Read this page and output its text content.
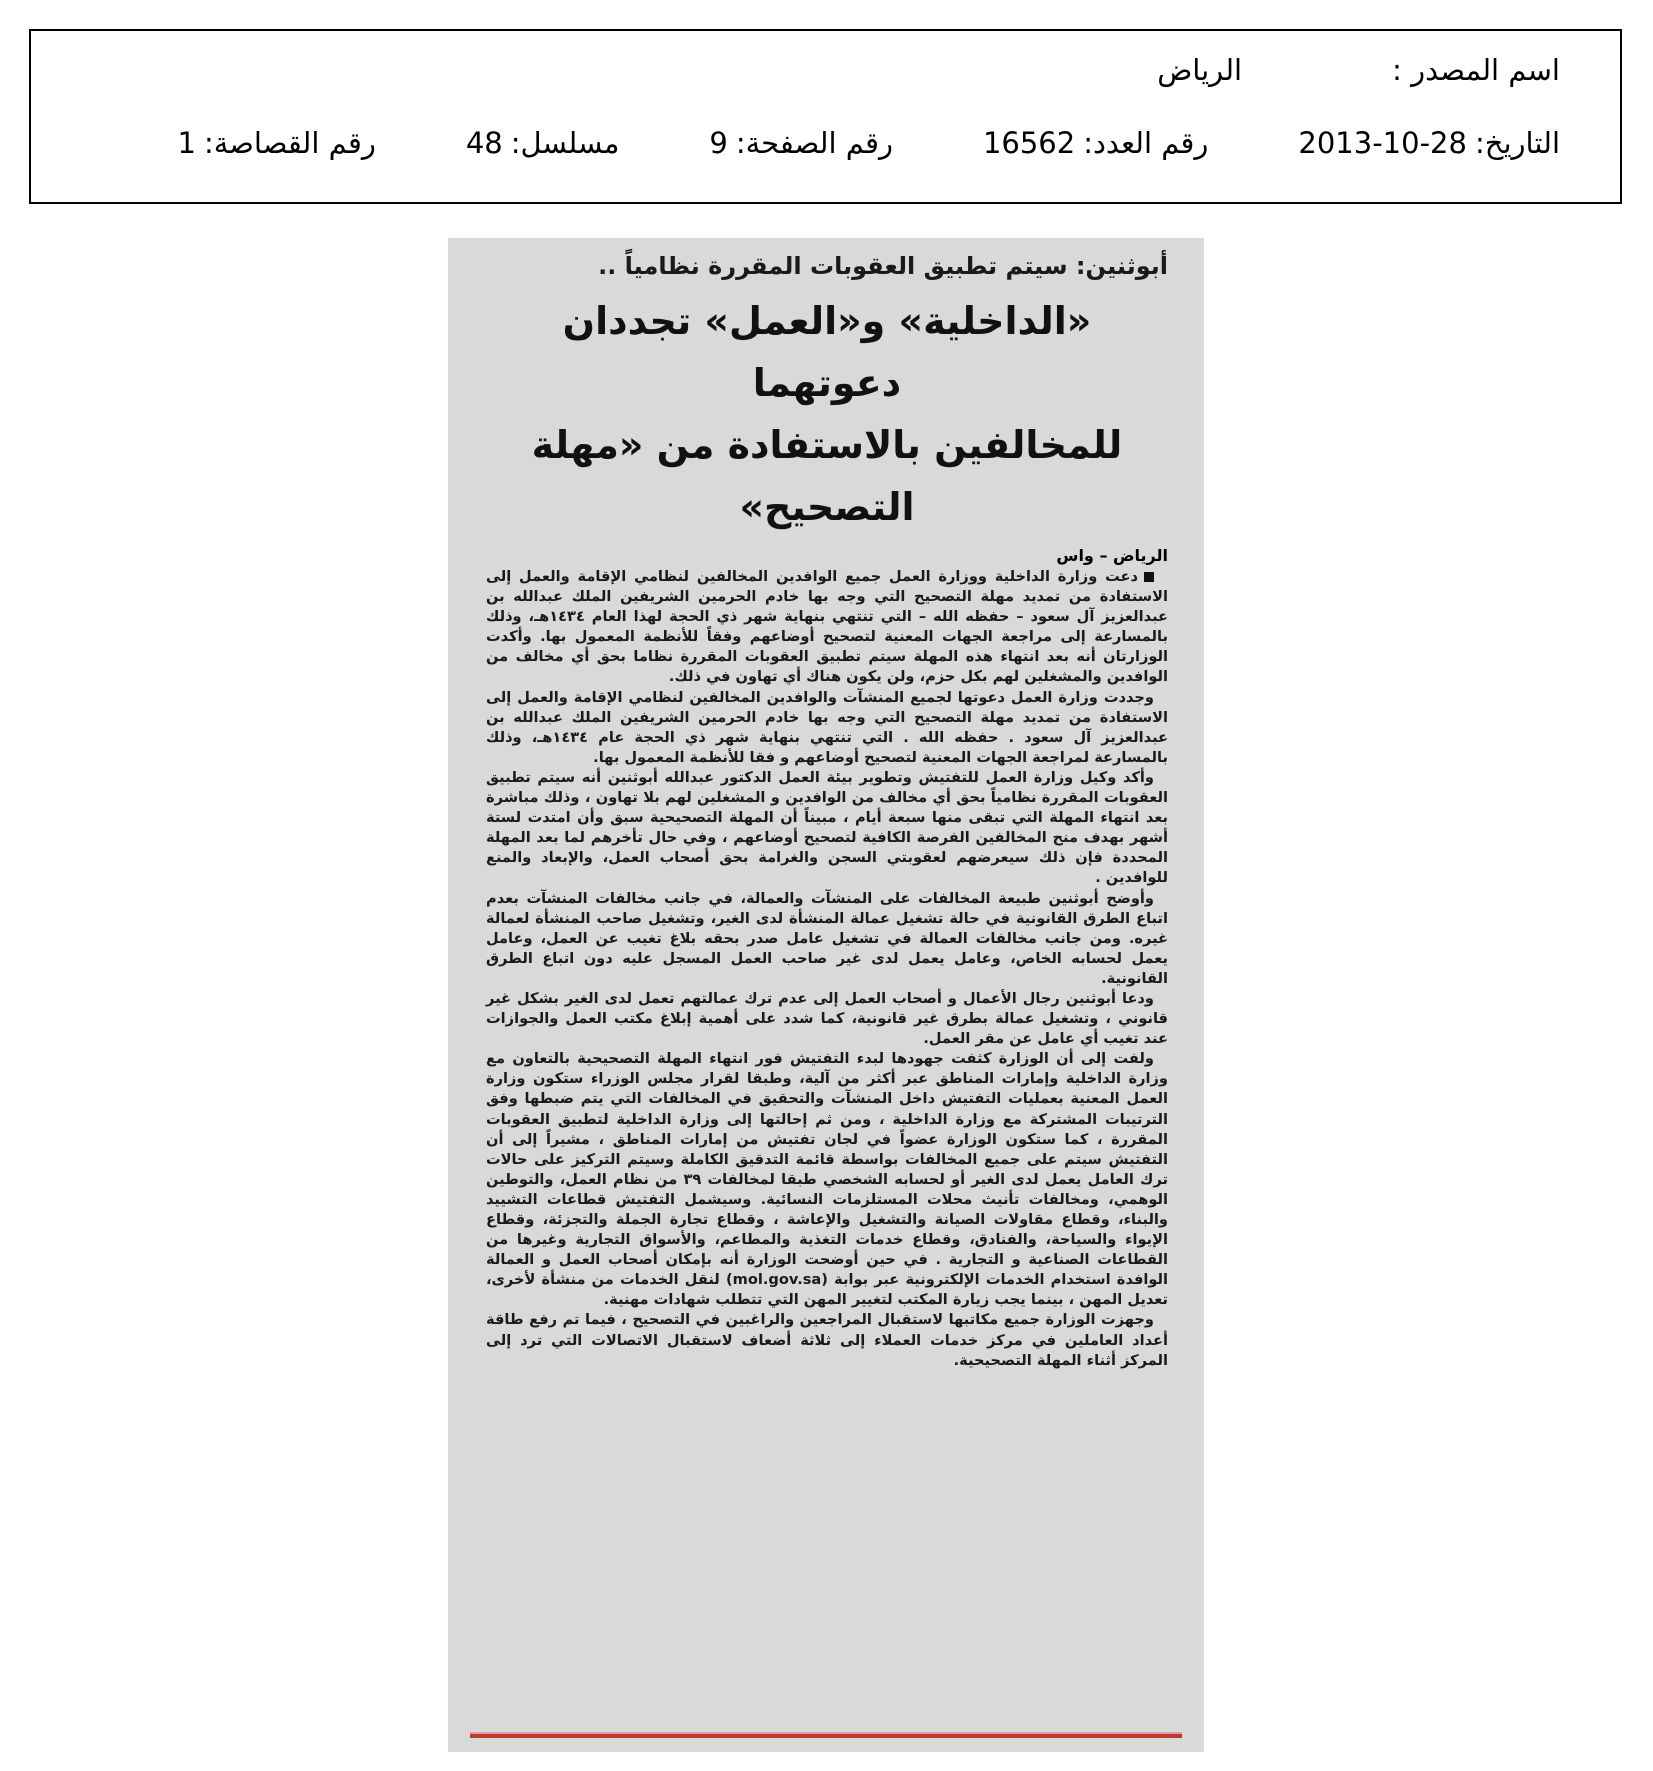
اسم المصدر :
الرياض
التاريخ:
2013-10-28
رقم العدد:
16562
رقم الصفحة:
9
مسلسل:
48
رقم القصاصة:
1
أبوثنين: سيتم تطبيق العقوبات المقررة نظامياً ..
«الداخلية» و«العمل» تجددان دعوتهما
للمخالفين بالاستفادة من «مهلة التصحيح»
الرياض – واس

دعت وزارة الداخلية ووزارة العمل جميع الوافدين المخالفين لنظامي الإقامة والعمل إلى الاستفادة من تمديد مهلة التصحيح التي وجه بها خادم الحرمين الشريفين الملك عبدالله بن عبدالعزيز آل سعود – حفظه الله – التي تنتهي بنهاية شهر ذي الحجة لهذا العام ١٤٣٤هـ، وذلك بالمسارعة إلى مراجعة الجهات المعنية لتصحيح أوضاعهم وفقاً للأنظمة المعمول بها. وأكدت الوزارتان أنه بعد انتهاء هذه المهلة سيتم تطبيق العقوبات المقررة نظاما بحق أي مخالف من الوافدين والمشغلين لهم بكل حزم، ولن يكون هناك أي تهاون في ذلك.

وجددت وزارة العمل دعوتها لجميع المنشآت والوافدين المخالفين لنظامي الإقامة والعمل إلى الاستفادة من تمديد مهلة التصحيح التي وجه بها خادم الحرمين الشريفين الملك عبدالله بن عبدالعزيز آل سعود . حفظه الله . التي تنتهي بنهاية شهر ذي الحجة عام ١٤٣٤هـ، وذلك بالمسارعة لمراجعة الجهات المعنية لتصحيح أوضاعهم و فقا للأنظمة المعمول بها.

وأكد وكيل وزارة العمل للتفتيش وتطوير بيئة العمل الدكتور عبدالله أبوثنين أنه سيتم تطبيق العقوبات المقررة نظامياً بحق أي مخالف من الوافدين و المشغلين لهم بلا تهاون ، وذلك مباشرة بعد انتهاء المهلة التي تبقى منها سبعة أيام ، مبيناً أن المهلة التصحيحية سبق وأن امتدت لستة أشهر بهدف منح المخالفين الفرصة الكافية لتصحيح أوضاعهم ، وفي حال تأخرهم لما بعد المهلة المحددة فإن ذلك سيعرضهم لعقوبتي السجن والغرامة بحق أصحاب العمل، والإبعاد والمنع للوافدين .

وأوضح أبوثنين طبيعة المخالفات على المنشآت والعمالة، في جانب مخالفات المنشآت بعدم اتباع الطرق القانونية في حالة تشغيل عمالة المنشأة لدى الغير، وتشغيل صاحب المنشأة لعمالة غيره. ومن جانب مخالفات العمالة في تشغيل عامل صدر بحقه بلاغ تغيب عن العمل، وعامل يعمل لحسابه الخاص، وعامل يعمل لدى غير صاحب العمل المسجل عليه دون اتباع الطرق القانونية.

ودعا أبوثنين رجال الأعمال و أصحاب العمل إلى عدم ترك عمالتهم تعمل لدى الغير بشكل غير قانوني ، وتشغيل عمالة بطرق غير قانونية، كما شدد على أهمية إبلاغ مكتب العمل والجوازات عند تغيب أي عامل عن مقر العمل.

ولفت إلى أن الوزارة كثفت جهودها لبدء التفتيش فور انتهاء المهلة التصحيحية بالتعاون مع وزارة الداخلية وإمارات المناطق عبر أكثر من آلية، وطبقا لقرار مجلس الوزراء ستكون وزارة العمل المعنية بعمليات التفتيش داخل المنشآت والتحقيق في المخالفات التي يتم ضبطها وفق الترتيبات المشتركة مع وزارة الداخلية ، ومن ثم إحالتها إلى وزارة الداخلية لتطبيق العقوبات المقررة ، كما ستكون الوزارة عضواً في لجان تفتيش من إمارات المناطق ، مشيراً إلى أن التفتيش سيتم على جميع المخالفات بواسطة قائمة التدقيق الكاملة وسيتم التركيز على حالات ترك العامل يعمل لدى الغير أو لحسابه الشخصي طبقا لمخالفات ٣٩ من نظام العمل، والتوطين الوهمي، ومخالفات تأنيث محلات المستلزمات النسائية. وسيشمل التفتيش قطاعات التشييد والبناء، وقطاع مقاولات الصيانة والتشغيل والإعاشة ، وقطاع تجارة الجملة والتجزئة، وقطاع الإيواء والسياحة، والفنادق، وقطاع خدمات التغذية والمطاعم، والأسواق التجارية وغيرها من القطاعات الصناعية و التجارية . في حين أوضحت الوزارة أنه بإمكان أصحاب العمل و العمالة الوافدة استخدام الخدمات الإلكترونية عبر بوابة (mol.gov.sa) لنقل الخدمات من منشأة لأخرى، تعديل المهن ، بينما يجب زيارة المكتب لتغيير المهن التي تتطلب شهادات مهنية.

وجهزت الوزارة جميع مكاتبها لاستقبال المراجعين والراغبين في التصحيح ، فيما تم رفع طاقة أعداد العاملين في مركز خدمات العملاء إلى ثلاثة أضعاف لاستقبال الاتصالات التي ترد إلى المركز أثناء المهلة التصحيحية.
